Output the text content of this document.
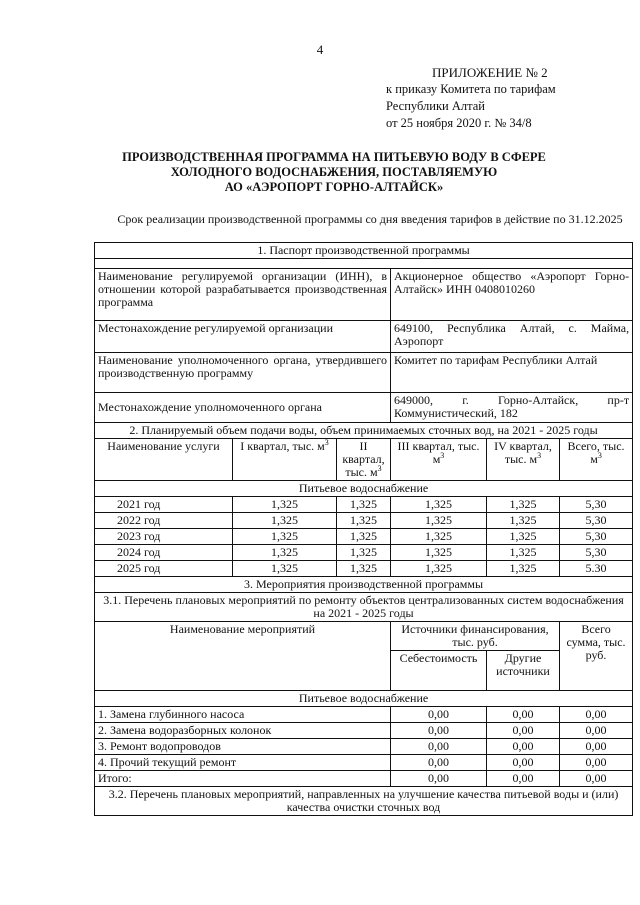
4
ПРИЛОЖЕНИЕ № 2
к приказу Комитета по тарифам
Республики Алтай
от 25 ноября 2020 г. № 34/8
ПРОИЗВОДСТВЕННАЯ ПРОГРАММА НА ПИТЬЕВУЮ ВОДУ В СФЕРЕ
ХОЛОДНОГО ВОДОСНАБЖЕНИЯ, ПОСТАВЛЯЕМУЮ
АО «АЭРОПОРТ ГОРНО-АЛТАЙСК»
Срок реализации производственной программы со дня введения тарифов в действие по 31.12.2025
1. Паспорт производственной программы					

Наименование регулируемой организации (ИНН), в отношении которой разрабатывается производственная программа			Акционерное общество «Аэропорт Горно-Алтайск» ИНН 0408010260		
Местонахождение регулируемой организации			649100, Республика Алтай, с. Майма, Аэропорт		
Наименование уполномоченного органа, утвердившего производственную программу			Комитет по тарифам Республики Алтай		
Местонахождение уполномоченного органа			649000, г. Горно-Алтайск, пр-т Коммунистический, 182		
2. Планируемый объем подачи воды, объем принимаемых сточных вод, на 2021 - 2025 годы					
Наименование услуги	I квартал, тыс. $м^3$	II квартал, тыс. $м^3$	III квартал, тыс. $м^3$	IV квартал, тыс. $м^3$	Всего, тыс. $м^3$
Питьевое водоснабжение					
2021 год	1,325	1,325	1,325	1,325	5,30
2022 год	1,325	1,325	1,325	1,325	5,30
2023 год	1,325	1,325	1,325	1,325	5,30
2024 год	1,325	1,325	1,325	1,325	5,30
2025 год	1,325	1,325	1,325	1,325	5.30
3. Мероприятия производственной программы					
3.1. Перечень плановых мероприятий по ремонту объектов централизованных систем водоснабжения на 2021 - 2025 годы					
Наименование мероприятий			Источники финансирования, тыс. руб.		Всего сумма, тыс. руб.
			Себестоимость	Другие источники	
Питьевое водоснабжение					
1. Замена глубинного насоса			0,00	0,00	0,00
2. Замена водоразборных колонок			0,00	0,00	0,00
3. Ремонт водопроводов			0,00	0,00	0,00
4. Прочий текущий ремонт			0,00	0,00	0,00
Итого:			0,00	0,00	0,00
3.2. Перечень плановых мероприятий, направленных на улучшение качества питьевой воды и (или) качества очистки сточных вод					
